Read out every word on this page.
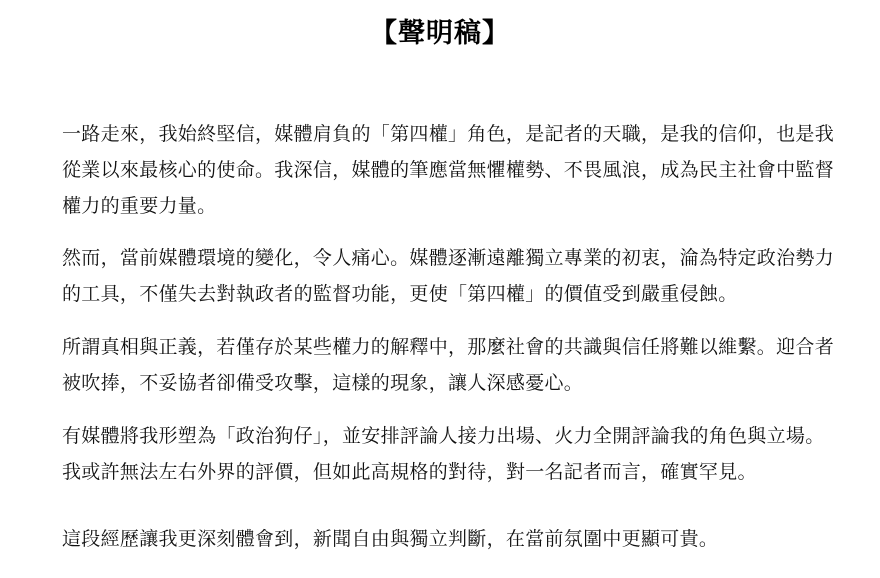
【聲明稿】
一路走來，我始終堅信，媒體肩負的「第四權」角色，是記者的天職，是我的信仰，也是我
從業以來最核心的使命。我深信，媒體的筆應當無懼權勢、不畏風浪，成為民主社會中監督
權力的重要力量。
然而，當前媒體環境的變化，令人痛心。媒體逐漸遠離獨立專業的初衷，淪為特定政治勢力
的工具，不僅失去對執政者的監督功能，更使「第四權」的價值受到嚴重侵蝕。
所謂真相與正義，若僅存於某些權力的解釋中，那麼社會的共識與信任將難以維繫。迎合者
被吹捧，不妥協者卻備受攻擊，這樣的現象，讓人深感憂心。
有媒體將我形塑為「政治狗仔」，並安排評論人接力出場、火力全開評論我的角色與立場。
我或許無法左右外界的評價，但如此高規格的對待，對一名記者而言，確實罕見。
這段經歷讓我更深刻體會到，新聞自由與獨立判斷，在當前氛圍中更顯可貴。
